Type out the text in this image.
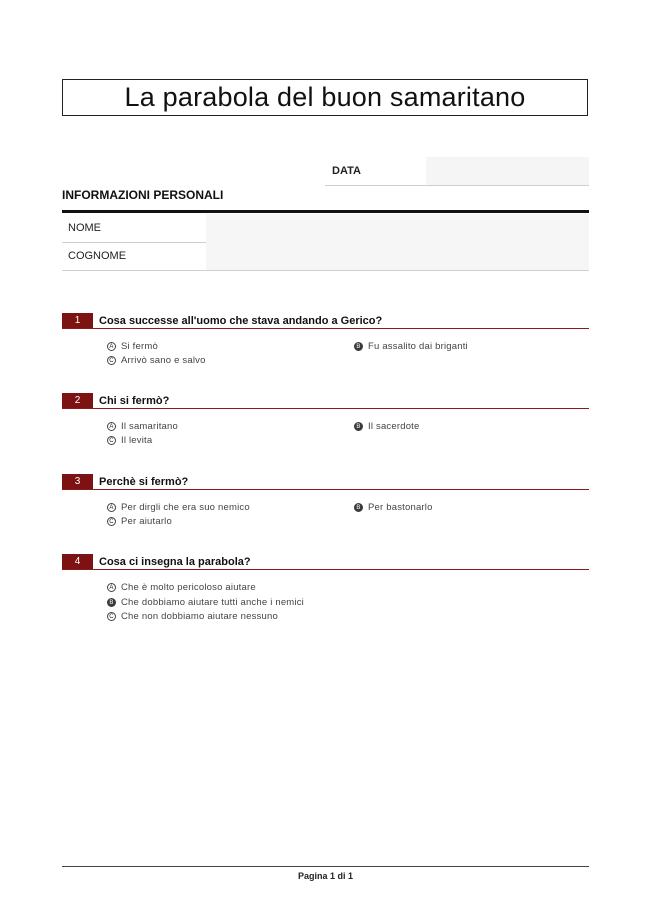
La parabola del buon samaritano
DATA
INFORMAZIONI PERSONALI
NOME
COGNOME
1	Cosa successe all'uomo che stava andando a Gerico?
A Si fermò	B Fu assalito dai briganti
C Arrivò sano e salvo
2	Chi si fermò?
A Il samaritano	B Il sacerdote
C Il levita
3	Perchè si fermò?
A Per dirgli che era suo nemico	B Per bastonarlo
C Per aiutarlo
4	Cosa ci insegna la parabola?
A Che è molto pericoloso aiutare
B Che dobbiamo aiutare tutti anche i nemici
C Che non dobbiamo aiutare nessuno
Pagina 1 di 1
